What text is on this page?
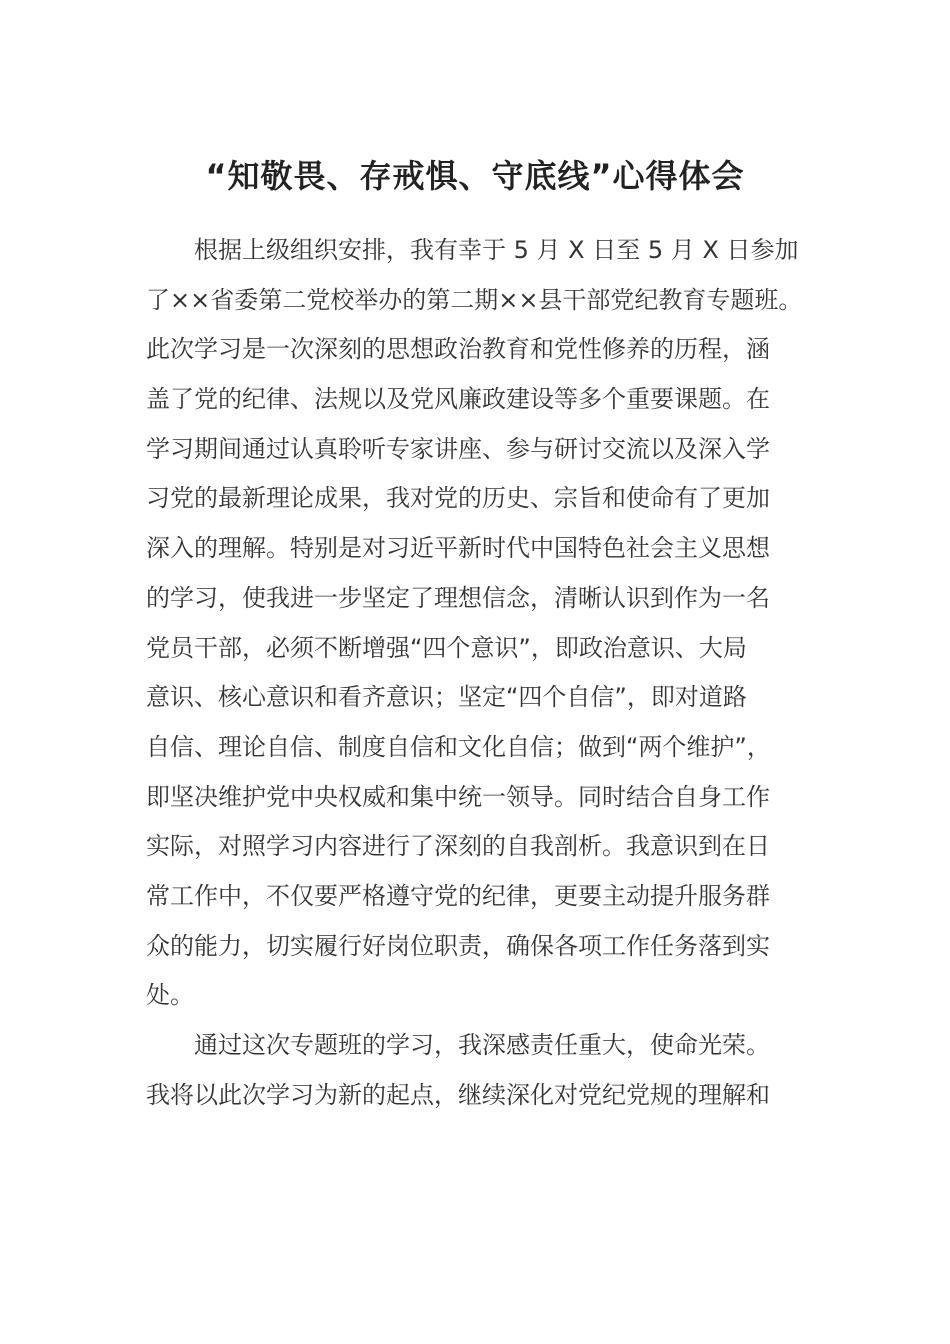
“知敬畏、存戒惧、守底线”心得体会
根据上级组织安排，我有幸于 5 月 X 日至 5 月 X 日参加
了××省委第二党校举办的第二期××县干部党纪教育专题班。
此次学习是一次深刻的思想政治教育和党性修养的历程，涵
盖了党的纪律、法规以及党风廉政建设等多个重要课题。在
学习期间通过认真聆听专家讲座、参与研讨交流以及深入学
习党的最新理论成果，我对党的历史、宗旨和使命有了更加
深入的理解。特别是对习近平新时代中国特色社会主义思想
的学习，使我进一步坚定了理想信念，清晰认识到作为一名
党员干部，必须不断增强“四个意识”，即政治意识、大局
意识、核心意识和看齐意识；坚定“四个自信”，即对道路
自信、理论自信、制度自信和文化自信；做到“两个维护”，
即坚决维护党中央权威和集中统一领导。同时结合自身工作
实际，对照学习内容进行了深刻的自我剖析。我意识到在日
常工作中，不仅要严格遵守党的纪律，更要主动提升服务群
众的能力，切实履行好岗位职责，确保各项工作任务落到实
处。
通过这次专题班的学习，我深感责任重大，使命光荣。
我将以此次学习为新的起点，继续深化对党纪党规的理解和
